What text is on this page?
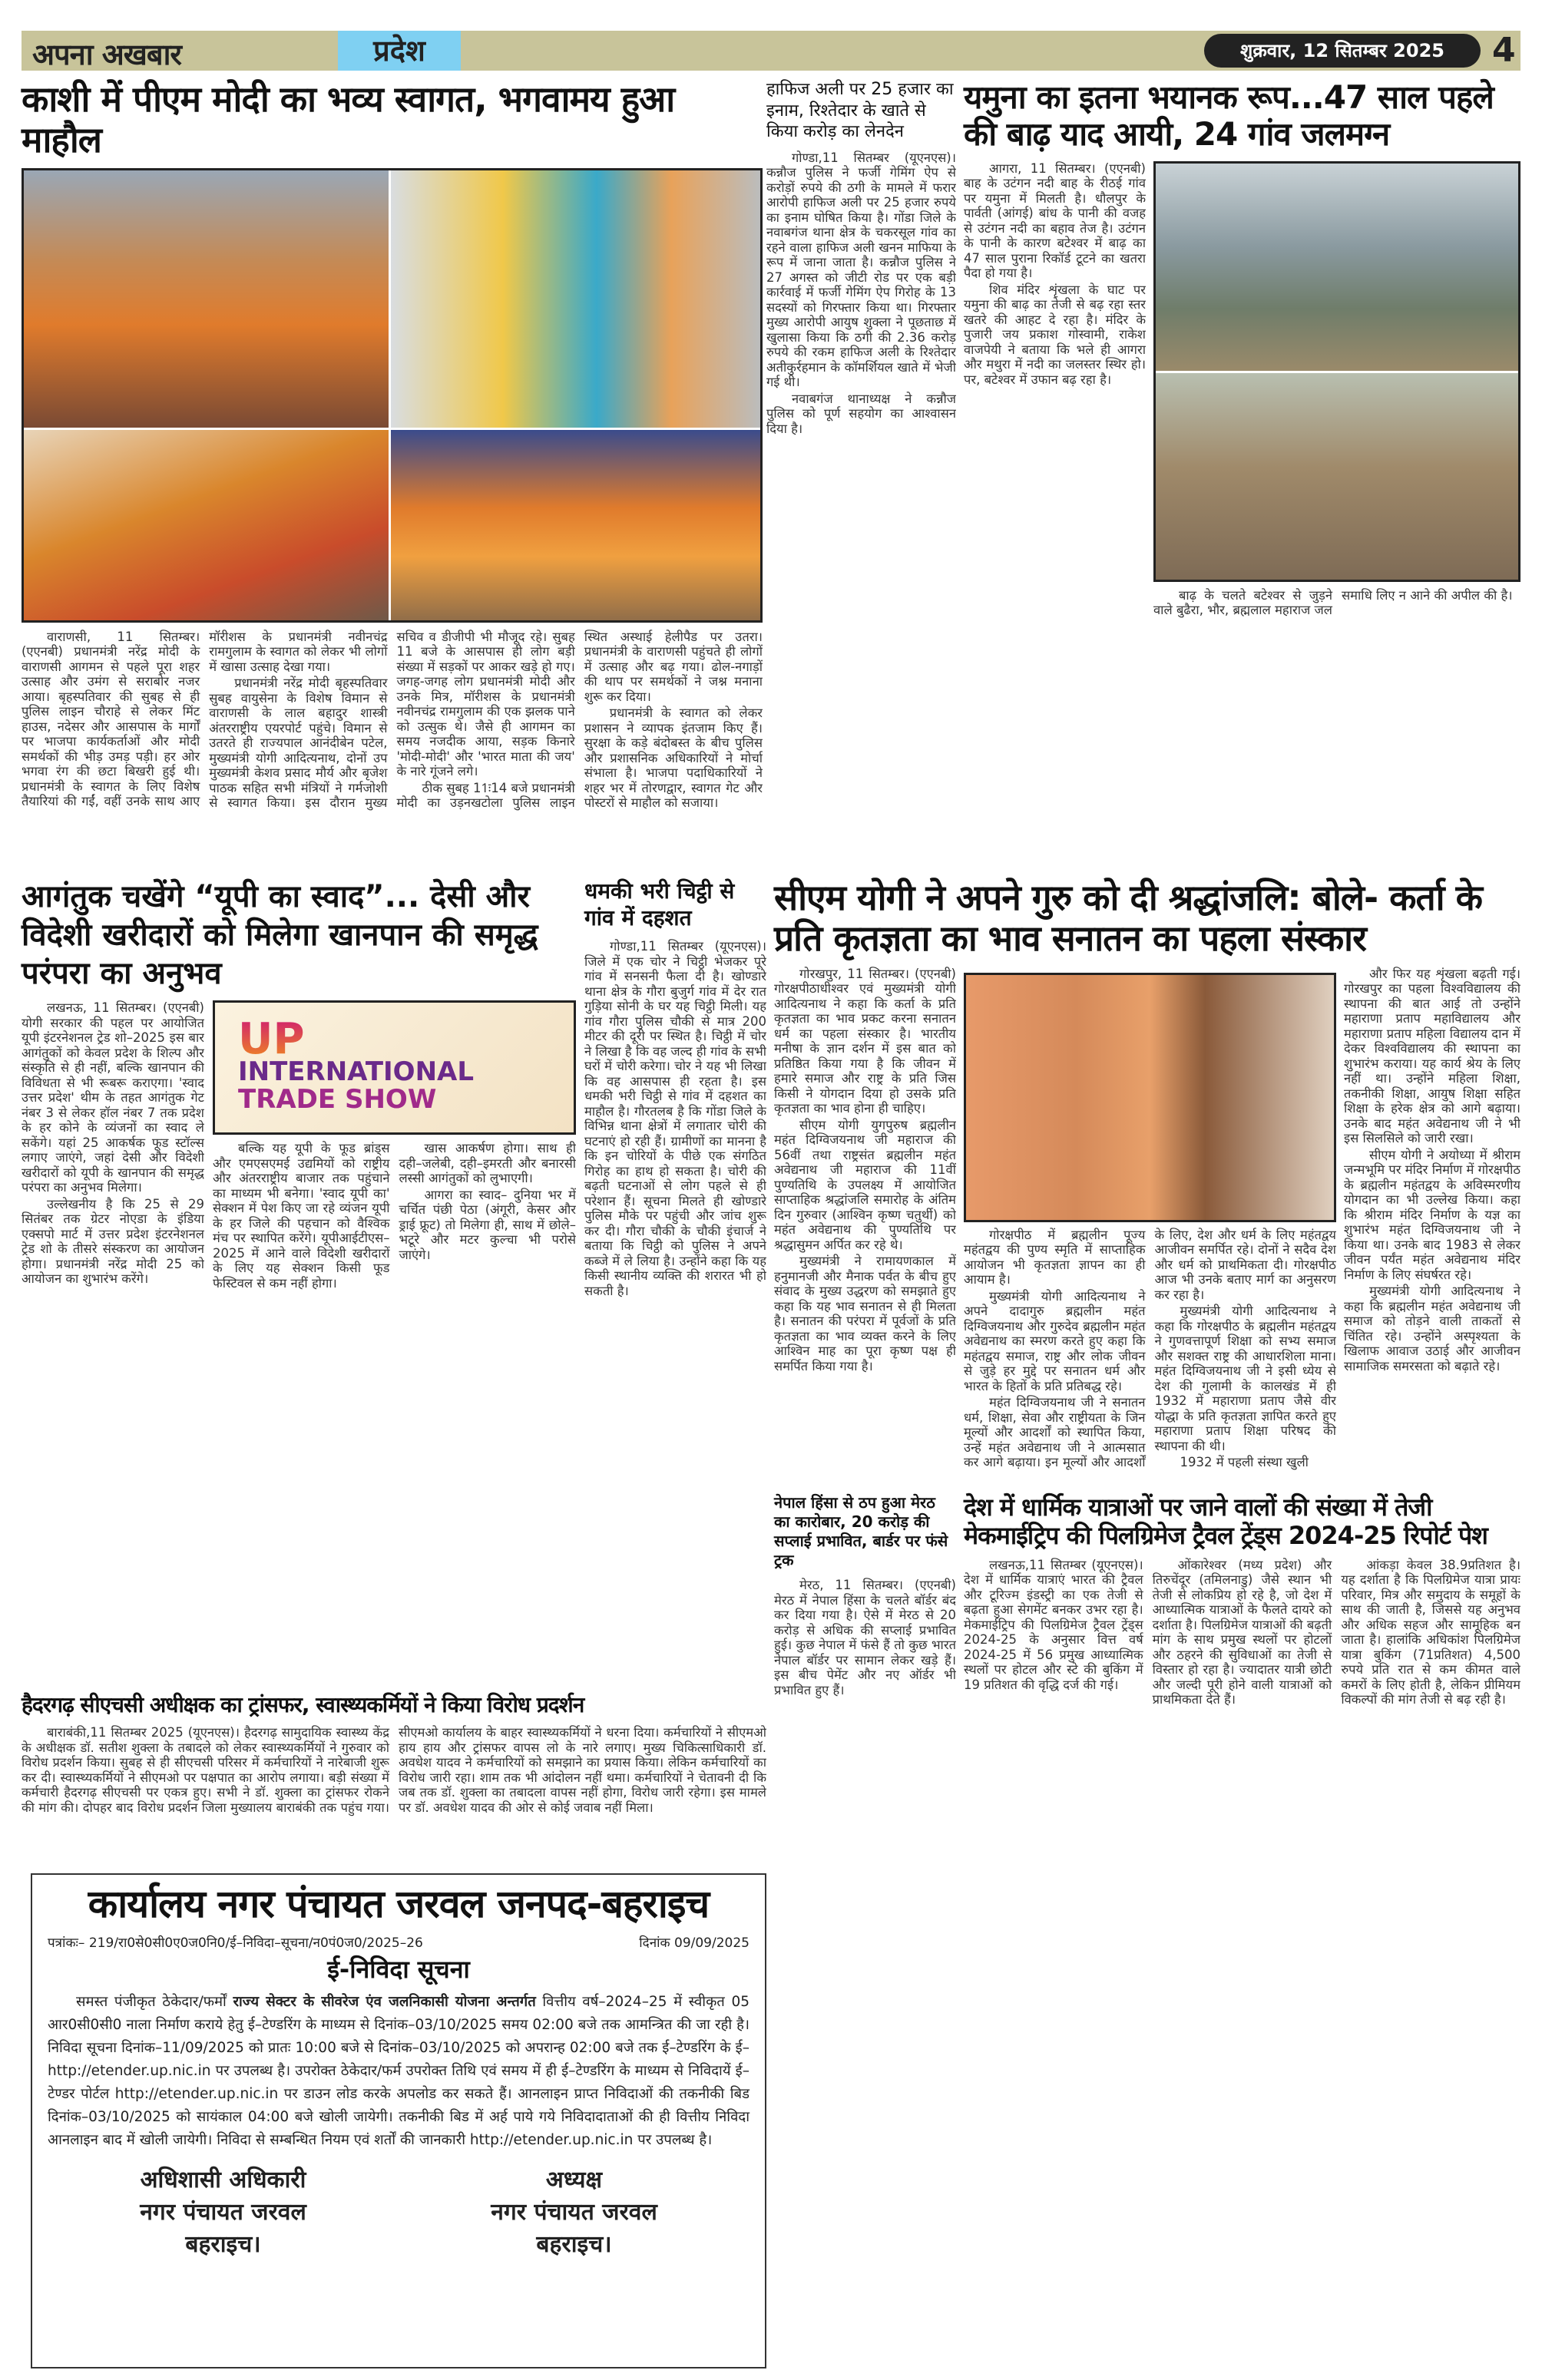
अपना अखबार	प्रदेश	शुक्रवार, 12 सितम्बर 2025	4
काशी में पीएम मोदी का भव्य स्वागत, भगवामय हुआ माहौल

वाराणसी, 11 सितम्बर। (एएनबी) प्रधानमंत्री नरेंद्र मोदी के वाराणसी आगमन से पहले पूरा शहर उत्साह और उमंग से सराबोर नजर आया। बृहस्पतिवार की सुबह से ही पुलिस लाइन चौराहे से लेकर मिंट हाउस, नदेसर और आसपास के मार्गों पर भाजपा कार्यकर्ताओं और मोदी समर्थकों की भीड़ उमड़ पड़ी। हर ओर भगवा रंग की छटा बिखरी हुई थी। प्रधानमंत्री के स्वागत के लिए विशेष तैयारियां की गईं, वहीं उनके साथ आए मॉरीशस के प्रधानमंत्री नवीनचंद्र रामगुलाम के स्वागत को लेकर भी लोगों में खासा उत्साह देखा गया।

प्रधानमंत्री नरेंद्र मोदी बृहस्पतिवार सुबह वायुसेना के विशेष विमान से वाराणसी के लाल बहादुर शास्त्री अंतरराष्ट्रीय एयरपोर्ट पहुंचे। विमान से उतरते ही राज्यपाल आनंदीबेन पटेल, मुख्यमंत्री योगी आदित्यनाथ, दोनों उप मुख्यमंत्री केशव प्रसाद मौर्य और बृजेश पाठक सहित सभी मंत्रियों ने गर्मजोशी से स्वागत किया। इस दौरान मुख्य सचिव व डीजीपी भी मौजूद रहे। सुबह 11 बजे के आसपास ही लोग बड़ी संख्या में सड़कों पर आकर खड़े हो गए। जगह-जगह लोग प्रधानमंत्री मोदी और उनके मित्र, मॉरीशस के प्रधानमंत्री नवीनचंद्र रामगुलाम की एक झलक पाने को उत्सुक थे। जैसे ही आगमन का समय नजदीक आया, सड़क किनारे 'मोदी-मोदी' और 'भारत माता की जय' के नारे गूंजने लगे।

ठीक सुबह 11ः14 बजे प्रधानमंत्री मोदी का उड़नखटोला पुलिस लाइन स्थित अस्थाई हेलीपैड पर उतरा। प्रधानमंत्री के वाराणसी पहुंचते ही लोगों में उत्साह और बढ़ गया। ढोल-नगाड़ों की थाप पर समर्थकों ने जश्न मनाना शुरू कर दिया।

प्रधानमंत्री के स्वागत को लेकर प्रशासन ने व्यापक इंतजाम किए हैं। सुरक्षा के कड़े बंदोबस्त के बीच पुलिस और प्रशासनिक अधिकारियों ने मोर्चा संभाला है। भाजपा पदाधिकारियों ने शहर भर में तोरणद्वार, स्वागत गेट और पोस्टरों से माहौल को सजाया।

हाफिज अली पर 25 हजार का इनाम, रिश्तेदार के खाते से किया करोड़ का लेनदेन

गोण्डा,11 सितम्बर (यूएनएस)। कन्नौज पुलिस ने फर्जी गेमिंग ऐप से करोड़ों रुपये की ठगी के मामले में फरार आरोपी हाफिज अली पर 25 हजार रुपये का इनाम घोषित किया है। गोंडा जिले के नवाबगंज थाना क्षेत्र के चकरसूल गांव का रहने वाला हाफिज अली खनन माफिया के रूप में जाना जाता है। कन्नौज पुलिस ने 27 अगस्त को जीटी रोड पर एक बड़ी कार्रवाई में फर्जी गेमिंग ऐप गिरोह के 13 सदस्यों को गिरफ्तार किया था। गिरफ्तार मुख्य आरोपी आयुष शुक्ला ने पूछताछ में खुलासा किया कि ठगी की 2.36 करोड़ रुपये की रकम हाफिज अली के रिश्तेदार अतीकुर्रहमान के कॉमर्शियल खाते में भेजी गई थी।

नवाबगंज थानाध्यक्ष ने कन्नौज पुलिस को पूर्ण सहयोग का आश्वासन दिया है।

यमुना का इतना भयानक रूप...47 साल पहले की बाढ़ याद आयी, 24 गांव जलमग्न

आगरा, 11 सितम्बर। (एएनबी) बाह के उटंगन नदी बाह के रीठई गांव पर यमुना में मिलती है। धौलपुर के पार्वती (आंगई) बांध के पानी की वजह से उटंगन नदी का बहाव तेज है। उटंगन के पानी के कारण बटेश्वर में बाढ़ का 47 साल पुराना रिकॉर्ड टूटने का खतरा पैदा हो गया है।

शिव मंदिर शृंखला के घाट पर यमुना की बाढ़ का तेजी से बढ़ रहा स्तर खतरे की आहट दे रहा है। मंदिर के पुजारी जय प्रकाश गोस्वामी, राकेश वाजपेयी ने बताया कि भले ही आगरा और मथुरा में नदी का जलस्तर स्थिर हो। पर, बटेश्वर में उफान बढ़ रहा है।

बाढ़ के चलते बटेश्वर से जुड़ने वाले बुढैरा, भौर, ब्रह्मलाल महाराज जल समाधि लिए न आने की अपील की है।

आगंतुक चखेंगे “यूपी का स्वाद”... देसी और विदेशी खरीदारों को मिलेगा खानपान की समृद्ध परंपरा का अनुभव

लखनऊ, 11 सितम्बर। (एएनबी) योगी सरकार की पहल पर आयोजित यूपी इंटरनेशनल ट्रेड शो–2025 इस बार आगंतुकों को केवल प्रदेश के शिल्प और संस्कृति से ही नहीं, बल्कि खानपान की विविधता से भी रूबरू कराएगा। 'स्वाद उत्तर प्रदेश' थीम के तहत आगंतुक गेट नंबर 3 से लेकर हॉल नंबर 7 तक प्रदेश के हर कोने के व्यंजनों का स्वाद ले सकेंगे। यहां 25 आकर्षक फूड स्टॉल्स लगाए जाएंगे, जहां देसी और विदेशी खरीदारों को यूपी के खानपान की समृद्ध परंपरा का अनुभव मिलेगा।

उल्लेखनीय है कि 25 से 29 सितंबर तक ग्रेटर नोएडा के इंडिया एक्सपो मार्ट में उत्तर प्रदेश इंटरनेशनल ट्रेड शो के तीसरे संस्करण का आयोजन होगा। प्रधानमंत्री नरेंद्र मोदी 25 को आयोजन का शुभारंभ करेंगे।

UP
INTERNATIONAL
TRADE SHOW

बल्कि यह यूपी के फूड ब्रांड्स और एमएसएमई उद्यमियों को राष्ट्रीय और अंतरराष्ट्रीय बाजार तक पहुंचाने का माध्यम भी बनेगा। 'स्वाद यूपी का' सेक्शन में पेश किए जा रहे व्यंजन यूपी के हर जिले की पहचान को वैश्विक मंच पर स्थापित करेंगे। यूपीआईटीएस–2025 में आने वाले विदेशी खरीदारों के लिए यह सेक्शन किसी फूड फेस्टिवल से कम नहीं होगा।

खास आकर्षण होगा। साथ ही दही–जलेबी, दही–इमरती और बनारसी लस्सी आगंतुकों को लुभाएगी।

आगरा का स्वाद– दुनिया भर में चर्चित पंछी पेठा (अंगूरी, केसर और ड्राई फ्रूट) तो मिलेगा ही, साथ में छोले–भटूरे और मटर कुल्चा भी परोसे जाएंगे।

धमकी भरी चिट्ठी से गांव में दहशत

गोण्डा,11 सितम्बर (यूएनएस)। जिले में एक चोर ने चिट्ठी भेजकर पूरे गांव में सनसनी फैला दी है। खोण्डारे थाना क्षेत्र के गौरा बुजुर्ग गांव में देर रात गुड़िया सोनी के घर यह चिट्ठी मिली। यह गांव गौरा पुलिस चौकी से मात्र 200 मीटर की दूरी पर स्थित है। चिट्ठी में चोर ने लिखा है कि वह जल्द ही गांव के सभी घरों में चोरी करेगा। चोर ने यह भी लिखा कि वह आसपास ही रहता है। इस धमकी भरी चिट्ठी से गांव में दहशत का माहौल है। गौरतलब है कि गोंडा जिले के विभिन्न थाना क्षेत्रों में लगातार चोरी की घटनाएं हो रही हैं। ग्रामीणों का मानना है कि इन चोरियों के पीछे एक संगठित गिरोह का हाथ हो सकता है। चोरी की बढ़ती घटनाओं से लोग पहले से ही परेशान हैं। सूचना मिलते ही खोण्डारे पुलिस मौके पर पहुंची और जांच शुरू कर दी। गौरा चौकी के चौकी इंचार्ज ने बताया कि चिट्ठी को पुलिस ने अपने कब्जे में ले लिया है। उन्होंने कहा कि यह किसी स्थानीय व्यक्ति की शरारत भी हो सकती है।

सीएम योगी ने अपने गुरु को दी श्रद्धांजलि: बोले- कर्ता के प्रति कृतज्ञता का भाव सनातन का पहला संस्कार

गोरखपुर, 11 सितम्बर। (एएनबी) गोरक्षपीठाधीश्वर एवं मुख्यमंत्री योगी आदित्यनाथ ने कहा कि कर्ता के प्रति कृतज्ञता का भाव प्रकट करना सनातन धर्म का पहला संस्कार है। भारतीय मनीषा के ज्ञान दर्शन में इस बात को प्रतिष्ठित किया गया है कि जीवन में हमारे समाज और राष्ट्र के प्रति जिस किसी ने योगदान दिया हो उसके प्रति कृतज्ञता का भाव होना ही चाहिए।

सीएम योगी युगपुरुष ब्रह्मलीन महंत दिग्विजयनाथ जी महाराज की 56वीं तथा राष्ट्रसंत ब्रह्मलीन महंत अवेद्यनाथ जी महाराज की 11वीं पुण्यतिथि के उपलक्ष्य में आयोजित साप्ताहिक श्रद्धांजलि समारोह के अंतिम दिन गुरुवार (आश्विन कृष्ण चतुर्थी) को महंत अवेद्यनाथ की पुण्यतिथि पर श्रद्धासुमन अर्पित कर रहे थे।

मुख्यमंत्री ने रामायणकाल में हनुमानजी और मैनाक पर्वत के बीच हुए संवाद के मुख्य उद्धरण को समझाते हुए कहा कि यह भाव सनातन से ही मिलता है। सनातन की परंपरा में पूर्वजों के प्रति कृतज्ञता का भाव व्यक्त करने के लिए आश्विन माह का पूरा कृष्ण पक्ष ही समर्पित किया गया है।

गोरक्षपीठ में ब्रह्मलीन पूज्य महंतद्वय की पुण्य स्मृति में साप्ताहिक आयोजन भी कृतज्ञता ज्ञापन का ही आयाम है।

मुख्यमंत्री योगी आदित्यनाथ ने अपने दादागुरु ब्रह्मलीन महंत दिग्विजयनाथ और गुरुदेव ब्रह्मलीन महंत अवेद्यनाथ का स्मरण करते हुए कहा कि महंतद्वय समाज, राष्ट्र और लोक जीवन से जुड़े हर मुद्दे पर सनातन धर्म और भारत के हितों के प्रति प्रतिबद्ध रहे।

महंत दिग्विजयनाथ जी ने सनातन धर्म, शिक्षा, सेवा और राष्ट्रीयता के जिन मूल्यों और आदर्शों को स्थापित किया, उन्हें महंत अवेद्यनाथ जी ने आत्मसात कर आगे बढ़ाया। इन मूल्यों और आदर्शों के लिए, देश और धर्म के लिए महंतद्वय आजीवन समर्पित रहे। दोनों ने सदैव देश और धर्म को प्राथमिकता दी। गोरक्षपीठ आज भी उनके बताए मार्ग का अनुसरण कर रहा है।

मुख्यमंत्री योगी आदित्यनाथ ने कहा कि गोरक्षपीठ के ब्रह्मलीन महंतद्वय ने गुणवत्तापूर्ण शिक्षा को सभ्य समाज और सशक्त राष्ट्र की आधारशिला माना। महंत दिग्विजयनाथ जी ने इसी ध्येय से देश की गुलामी के कालखंड में ही 1932 में महाराणा प्रताप जैसे वीर योद्धा के प्रति कृतज्ञता ज्ञापित करते हुए महाराणा प्रताप शिक्षा परिषद की स्थापना की थी।

1932 में पहली संस्था खुली

और फिर यह शृंखला बढ़ती गई। गोरखपुर का पहला विश्वविद्यालय की स्थापना की बात आई तो उन्होंने महाराणा प्रताप महाविद्यालय और महाराणा प्रताप महिला विद्यालय दान में देकर विश्वविद्यालय की स्थापना का शुभारंभ कराया। यह कार्य श्रेय के लिए नहीं था। उन्होंने महिला शिक्षा, तकनीकी शिक्षा, आयुष शिक्षा सहित शिक्षा के हरेक क्षेत्र को आगे बढ़ाया। उनके बाद महंत अवेद्यनाथ जी ने भी इस सिलसिले को जारी रखा।

सीएम योगी ने अयोध्या में श्रीराम जन्मभूमि पर मंदिर निर्माण में गोरक्षपीठ के ब्रह्मलीन महंतद्वय के अविस्मरणीय योगदान का भी उल्लेख किया। कहा कि श्रीराम मंदिर निर्माण के यज्ञ का शुभारंभ महंत दिग्विजयनाथ जी ने किया था। उनके बाद 1983 से लेकर जीवन पर्यंत महंत अवेद्यनाथ मंदिर निर्माण के लिए संघर्षरत रहे।

मुख्यमंत्री योगी आदित्यनाथ ने कहा कि ब्रह्मलीन महंत अवेद्यनाथ जी समाज को तोड़ने वाली ताकतों से चिंतित रहे। उन्होंने अस्पृश्यता के खिलाफ आवाज उठाई और आजीवन सामाजिक समरसता को बढ़ाते रहे।

नेपाल हिंसा से ठप हुआ मेरठ का कारोबार, 20 करोड़ की सप्लाई प्रभावित, बार्डर पर फंसे ट्रक

मेरठ, 11 सितम्बर। (एएनबी) मेरठ में नेपाल हिंसा के चलते बॉर्डर बंद कर दिया गया है। ऐसे में मेरठ से 20 करोड़ से अधिक की सप्लाई प्रभावित हुई। कुछ नेपाल में फंसे हैं तो कुछ भारत नेपाल बॉर्डर पर सामान लेकर खड़े हैं। इस बीच पेमेंट और नए ऑर्डर भी प्रभावित हुए हैं।

देश में धार्मिक यात्राओं पर जाने वालों की संख्या में तेजी मेकमाईट्रिप की पिलग्रिमेज ट्रैवल ट्रेंड्स 2024-25 रिपोर्ट पेश

लखनऊ,11 सितम्बर (यूएनएस)। देश में धार्मिक यात्राएं भारत की ट्रैवल और टूरिज्म इंडस्ट्री का एक तेजी से बढ़ता हुआ सेगमेंट बनकर उभर रहा है। मेकमाईट्रिप की पिलग्रिमेज ट्रैवल ट्रेंड्स 2024-25 के अनुसार वित्त वर्ष 2024-25 में 56 प्रमुख आध्यात्मिक स्थलों पर होटल और स्टे की बुकिंग में 19 प्रतिशत की वृद्धि दर्ज की गई।

ओंकारेश्वर (मध्य प्रदेश) और तिरुचेंदूर (तमिलनाडु) जैसे स्थान भी तेजी से लोकप्रिय हो रहे है, जो देश में आध्यात्मिक यात्राओं के फैलते दायरे को दर्शाता है। पिलग्रिमेज यात्राओं की बढ़ती मांग के साथ प्रमुख स्थलों पर होटलों और ठहरने की सुविधाओं का तेजी से विस्तार हो रहा है। ज्यादातर यात्री छोटी और जल्दी पूरी होने वाली यात्राओं को प्राथमिकता देते हैं।

आंकड़ा केवल 38.9प्रतिशत है। यह दर्शाता है कि पिलग्रिमेज यात्रा प्रायः परिवार, मित्र और समुदाय के समूहों के साथ की जाती है, जिससे यह अनुभव और अधिक सहज और सामूहिक बन जाता है। हालांकि अधिकांश पिलग्रिमेज यात्रा बुकिंग (71प्रतिशत) 4,500 रुपये प्रति रात से कम कीमत वाले कमरों के लिए होती है, लेकिन प्रीमियम विकल्पों की मांग तेजी से बढ़ रही है।

हैदरगढ़ सीएचसी अधीक्षक का ट्रांसफर, स्वास्थ्यकर्मियों ने किया विरोध प्रदर्शन

बाराबंकी,11 सितम्बर 2025 (यूएनएस)। हैदरगढ़ सामुदायिक स्वास्थ्य केंद्र के अधीक्षक डॉ. सतीश शुक्ला के तबादले को लेकर स्वास्थ्यकर्मियों ने गुरुवार को विरोध प्रदर्शन किया। सुबह से ही सीएचसी परिसर में कर्मचारियों ने नारेबाजी शुरू कर दी। स्वास्थ्यकर्मियों ने सीएमओ पर पक्षपात का आरोप लगाया। बड़ी संख्या में कर्मचारी हैदरगढ़ सीएचसी पर एकत्र हुए। सभी ने डॉ. शुक्ला का ट्रांसफर रोकने की मांग की। दोपहर बाद विरोध प्रदर्शन जिला मुख्यालय बाराबंकी तक पहुंच गया। सीएमओ कार्यालय के बाहर स्वास्थ्यकर्मियों ने धरना दिया। कर्मचारियों ने सीएमओ हाय हाय और ट्रांसफर वापस लो के नारे लगाए। मुख्य चिकित्साधिकारी डॉ. अवधेश यादव ने कर्मचारियों को समझाने का प्रयास किया। लेकिन कर्मचारियों का विरोध जारी रहा। शाम तक भी आंदोलन नहीं थमा। कर्मचारियों ने चेतावनी दी कि जब तक डॉ. शुक्ला का तबादला वापस नहीं होगा, विरोध जारी रहेगा। इस मामले पर डॉ. अवधेश यादव की ओर से कोई जवाब नहीं मिला।

कार्यालय नगर पंचायत जरवल जनपद-बहराइच
पत्रांकः– 219/रा0से0सी0ए0ज0नि0/ई–निविदा–सूचना/न0पं0ज0/2025–26	दिनांक 09/09/2025
ई-निविदा सूचना
समस्त पंजीकृत ठेकेदार/फर्मों राज्य सेक्टर के सीवरेज एंव जलनिकासी योजना अन्तर्गत वित्तीय वर्ष–2024–25 में स्वीकृत 05 आर0सी0सी0 नाला निर्माण कराये हेतु ई–टेण्डरिंग के माध्यम से दिनांक–03/10/2025 समय 02:00 बजे तक आमन्त्रित की जा रही है। निविदा सूचना दिनांक–11/09/2025 को प्रातः 10:00 बजे से दिनांक–03/10/2025 को अपरान्ह 02:00 बजे तक ई–टेण्डरिंग के ई–http://etender.up.nic.in पर उपलब्ध है। उपरोक्त ठेकेदार/फर्म उपरोक्त तिथि एवं समय में ही ई–टेण्डरिंग के माध्यम से निविदायें ई–टेण्डर पोर्टल http://etender.up.nic.in पर डाउन लोड करके अपलोड कर सकते हैं। आनलाइन प्राप्त निविदाओं की तकनीकी बिड दिनांक–03/10/2025 को सायंकाल 04:00 बजे खोली जायेगी। तकनीकी बिड में अर्ह पाये गये निविदादाताओं की ही वित्तीय निविदा आनलाइन बाद में खोली जायेगी। निविदा से सम्बन्धित नियम एवं शर्तों की जानकारी http://etender.up.nic.in पर उपलब्ध है।
अधिशासी अधिकारी
नगर पंचायत जरवल
बहराइच।
अध्यक्ष
नगर पंचायत जरवल
बहराइच।
